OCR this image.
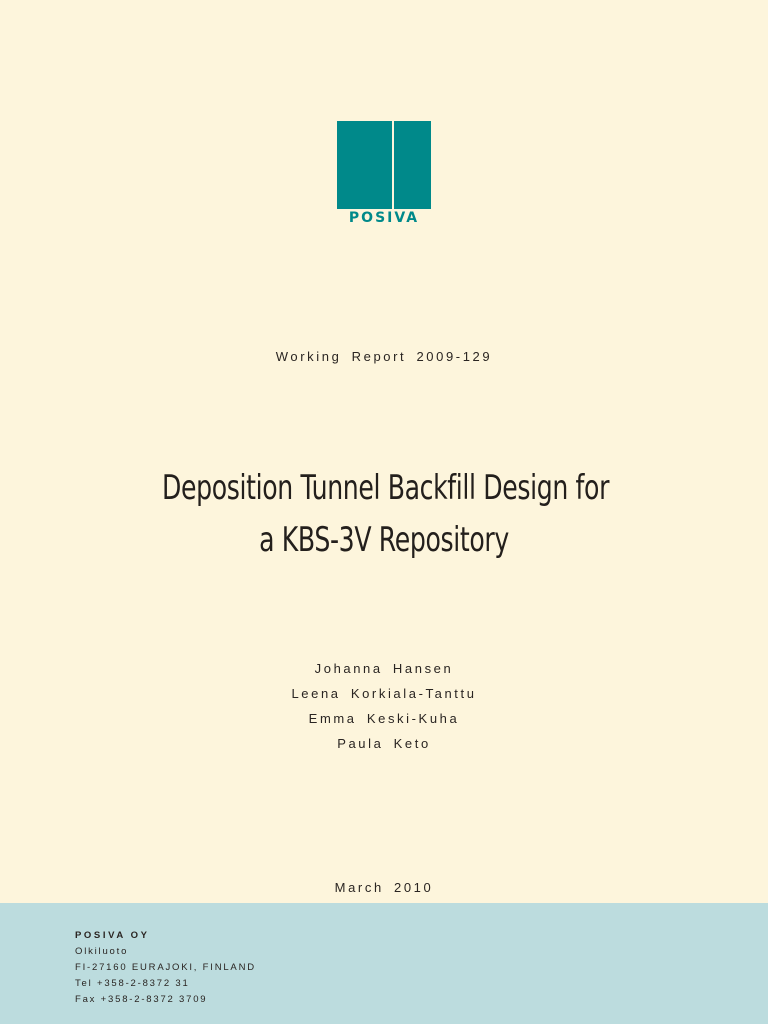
POSIVA
Working Report 2009-129
Deposition Tunnel Backfill Design for
a KBS-3V Repository
Johanna Hansen
Leena Korkiala-Tanttu
Emma Keski-Kuha
Paula Keto
March 2010
POSIVA OY
Olkiluoto
FI-27160 EURAJOKI, FINLAND
Tel +358-2-8372 31
Fax +358-2-8372 3709
